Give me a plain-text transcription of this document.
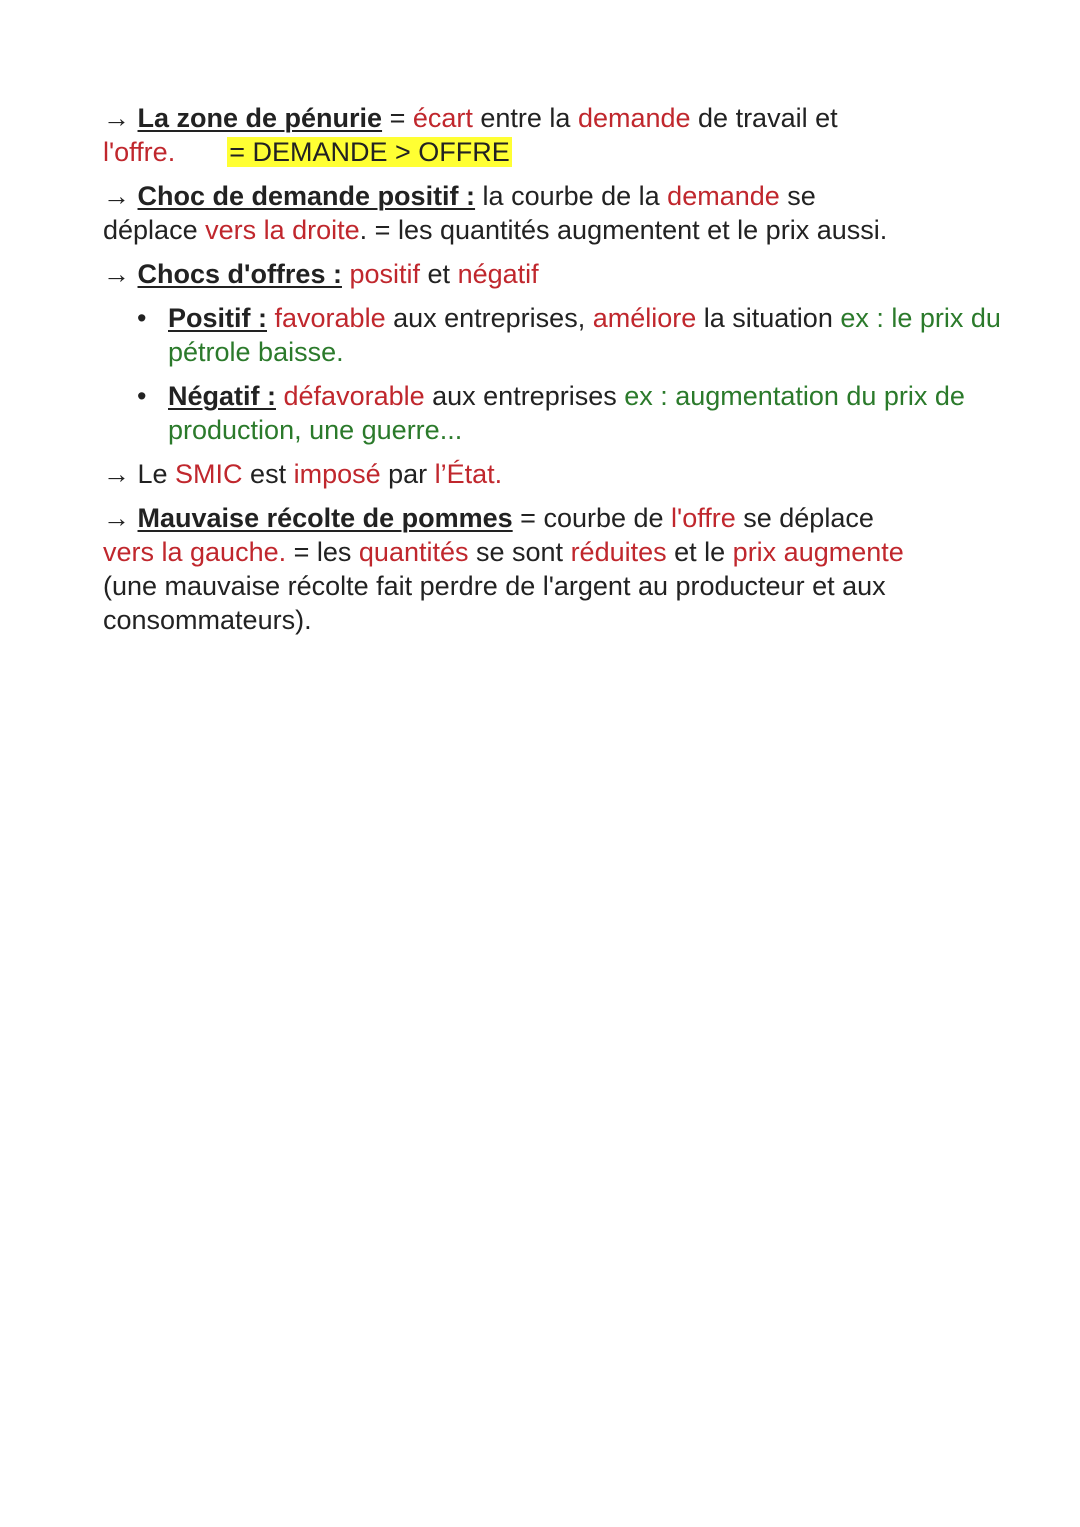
→ La zone de pénurie = écart entre la demande de travail et
l'offre. = DEMANDE > OFFRE
→ Choc de demande positif : la courbe de la demande se
déplace vers la droite. = les quantités augmentent et le prix aussi.
→ Chocs d'offres : positif et négatif
• Positif : favorable aux entreprises, améliore la situation ex : le prix du pétrole baisse.
• Négatif : défavorable aux entreprises ex : augmentation du prix de production, une guerre...
→ Le SMIC est imposé par l’État.
→ Mauvaise récolte de pommes = courbe de l'offre se déplace
vers la gauche. = les quantités se sont réduites et le prix augmente
(une mauvaise récolte fait perdre de l'argent au producteur et aux consommateurs).
